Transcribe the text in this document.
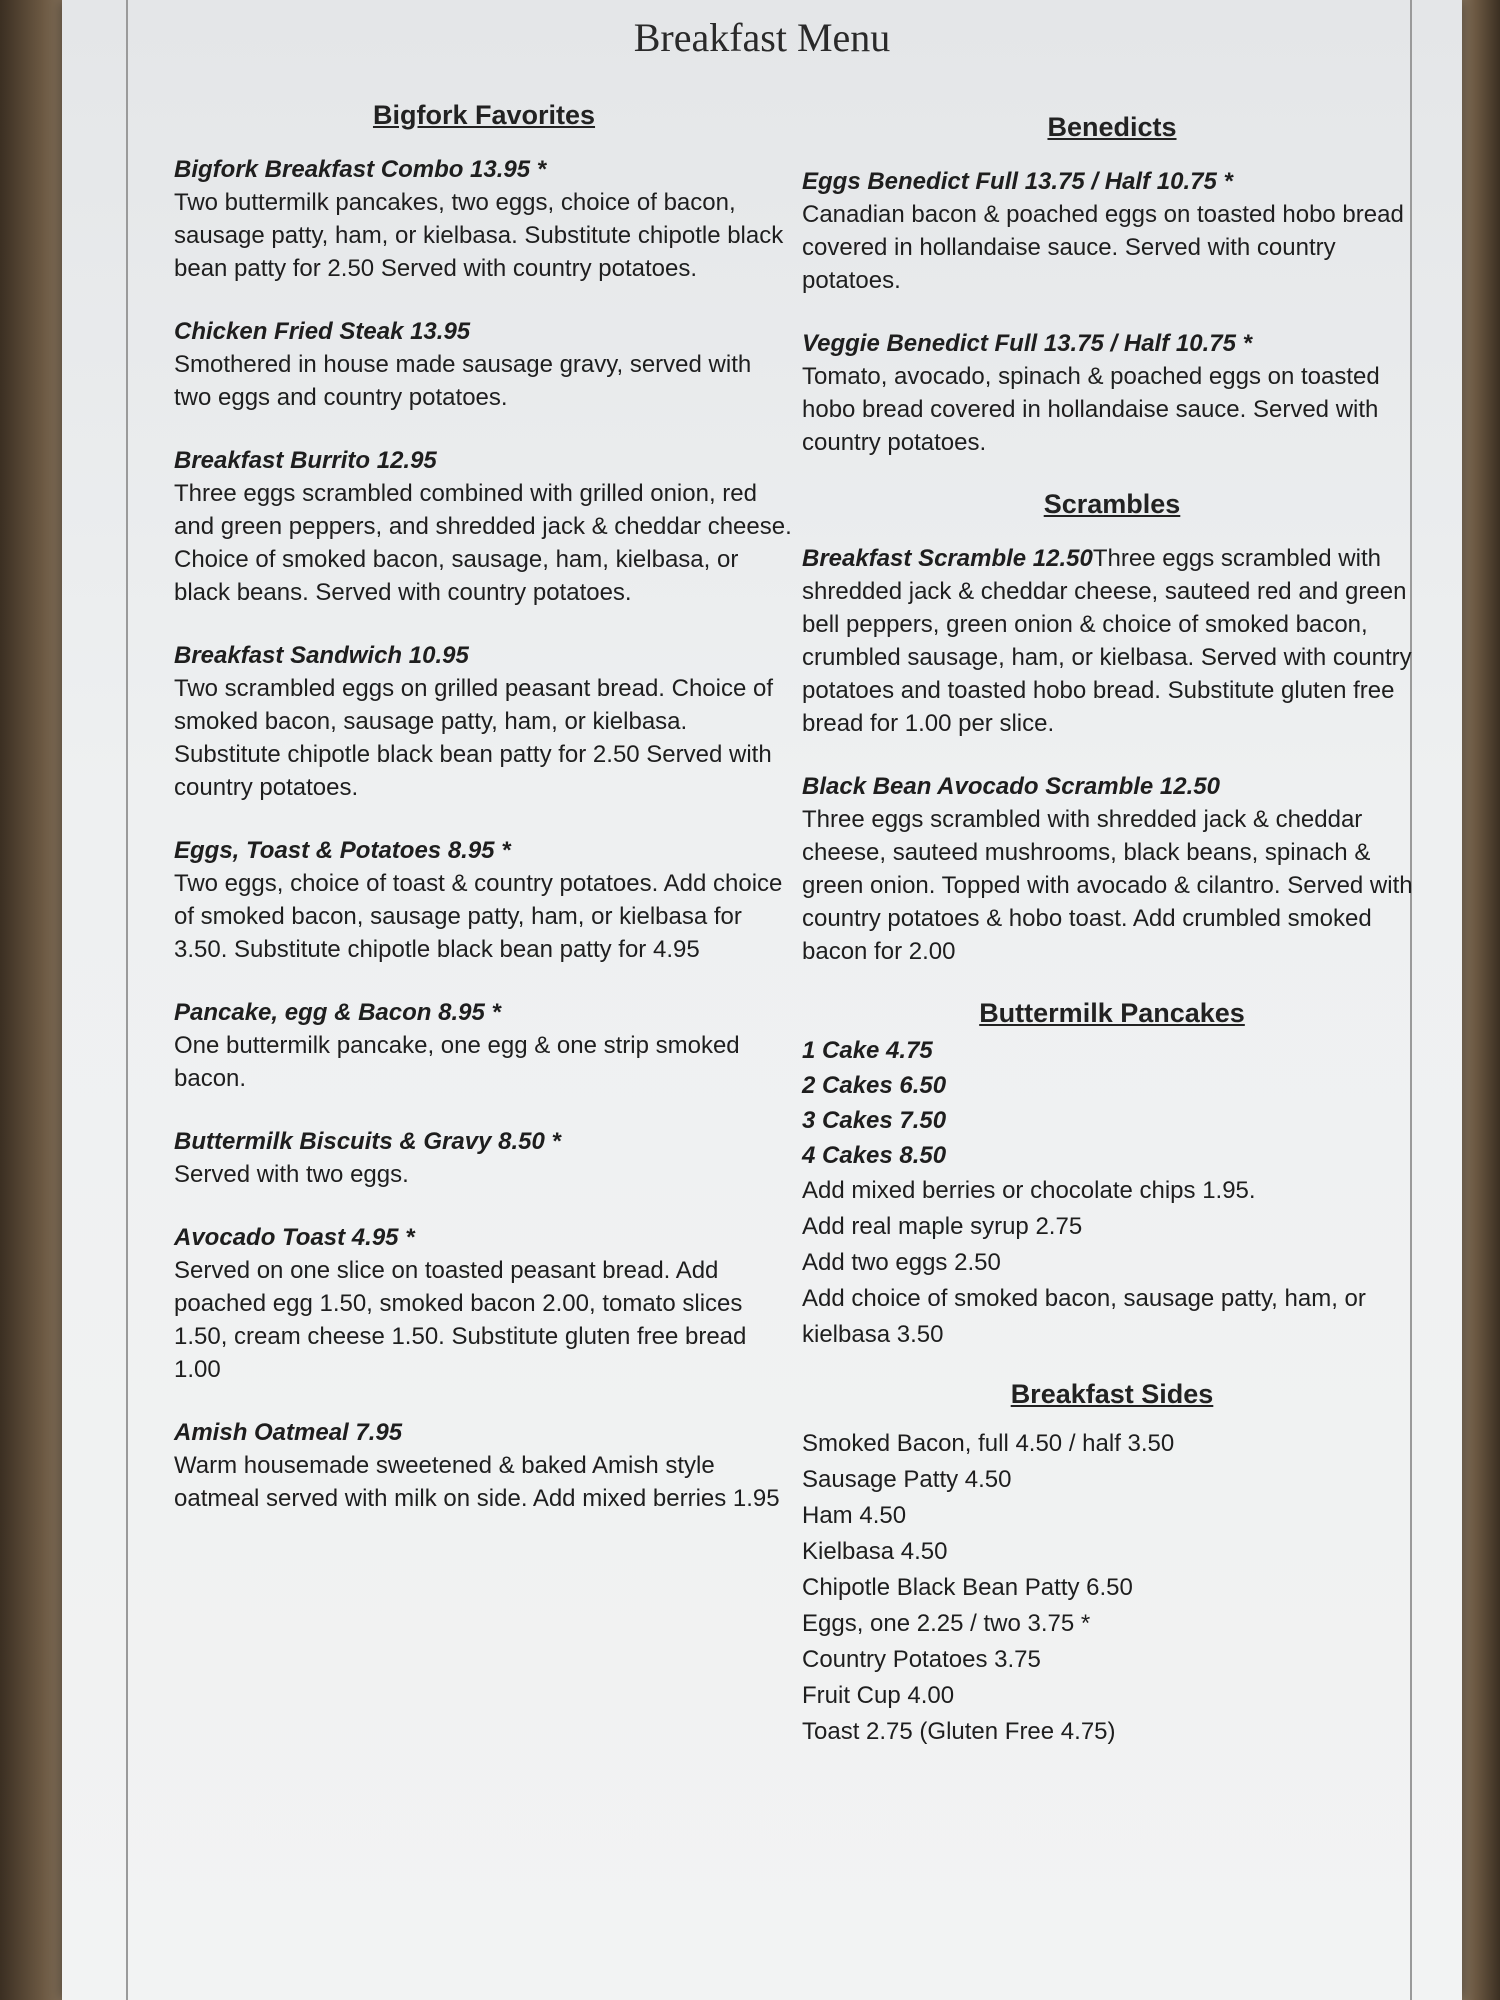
Breakfast Menu
Bigfork Favorites
Bigfork Breakfast Combo 13.95 *
Two buttermilk pancakes, two eggs, choice of bacon, sausage patty, ham, or kielbasa. Substitute chipotle black bean patty for 2.50 Served with country potatoes.
Chicken Fried Steak 13.95
Smothered in house made sausage gravy, served with two eggs and country potatoes.
Breakfast Burrito 12.95
Three eggs scrambled combined with grilled onion, red and green peppers, and shredded jack & cheddar cheese. Choice of smoked bacon, sausage, ham, kielbasa, or black beans. Served with country potatoes.
Breakfast Sandwich 10.95
Two scrambled eggs on grilled peasant bread. Choice of smoked bacon, sausage patty, ham, or kielbasa. Substitute chipotle black bean patty for 2.50 Served with country potatoes.
Eggs, Toast & Potatoes 8.95 *
Two eggs, choice of toast & country potatoes. Add choice of smoked bacon, sausage patty, ham, or kielbasa for 3.50. Substitute chipotle black bean patty for 4.95
Pancake, egg & Bacon 8.95 *
One buttermilk pancake, one egg & one strip smoked bacon.
Buttermilk Biscuits & Gravy 8.50 *
Served with two eggs.
Avocado Toast 4.95 *
Served on one slice on toasted peasant bread. Add poached egg 1.50, smoked bacon 2.00, tomato slices 1.50, cream cheese 1.50. Substitute gluten free bread 1.00
Amish Oatmeal 7.95
Warm housemade sweetened & baked Amish style oatmeal served with milk on side. Add mixed berries 1.95
Benedicts
Eggs Benedict Full 13.75 / Half 10.75 *
Canadian bacon & poached eggs on toasted hobo bread covered in hollandaise sauce. Served with country potatoes.
Veggie Benedict Full 13.75 / Half 10.75 *
Tomato, avocado, spinach & poached eggs on toasted hobo bread covered in hollandaise sauce. Served with country potatoes.
Scrambles
Breakfast Scramble 12.50Three eggs scrambled with shredded jack & cheddar cheese, sauteed red and green bell peppers, green onion & choice of smoked bacon, crumbled sausage, ham, or kielbasa. Served with country potatoes and toasted hobo bread. Substitute gluten free bread for 1.00 per slice.
Black Bean Avocado Scramble 12.50
Three eggs scrambled with shredded jack & cheddar cheese, sauteed mushrooms, black beans, spinach & green onion. Topped with avocado & cilantro. Served with country potatoes & hobo toast. Add crumbled smoked bacon for 2.00
Buttermilk Pancakes
1 Cake 4.75
2 Cakes 6.50
3 Cakes 7.50
4 Cakes 8.50
Add mixed berries or chocolate chips 1.95.
Add real maple syrup 2.75
Add two eggs 2.50
Add choice of smoked bacon, sausage patty, ham, or kielbasa 3.50
Breakfast Sides
Smoked Bacon, full 4.50 / half 3.50
Sausage Patty 4.50
Ham 4.50
Kielbasa 4.50
Chipotle Black Bean Patty 6.50
Eggs, one 2.25 / two 3.75 *
Country Potatoes 3.75
Fruit Cup 4.00
Toast 2.75 (Gluten Free 4.75)
